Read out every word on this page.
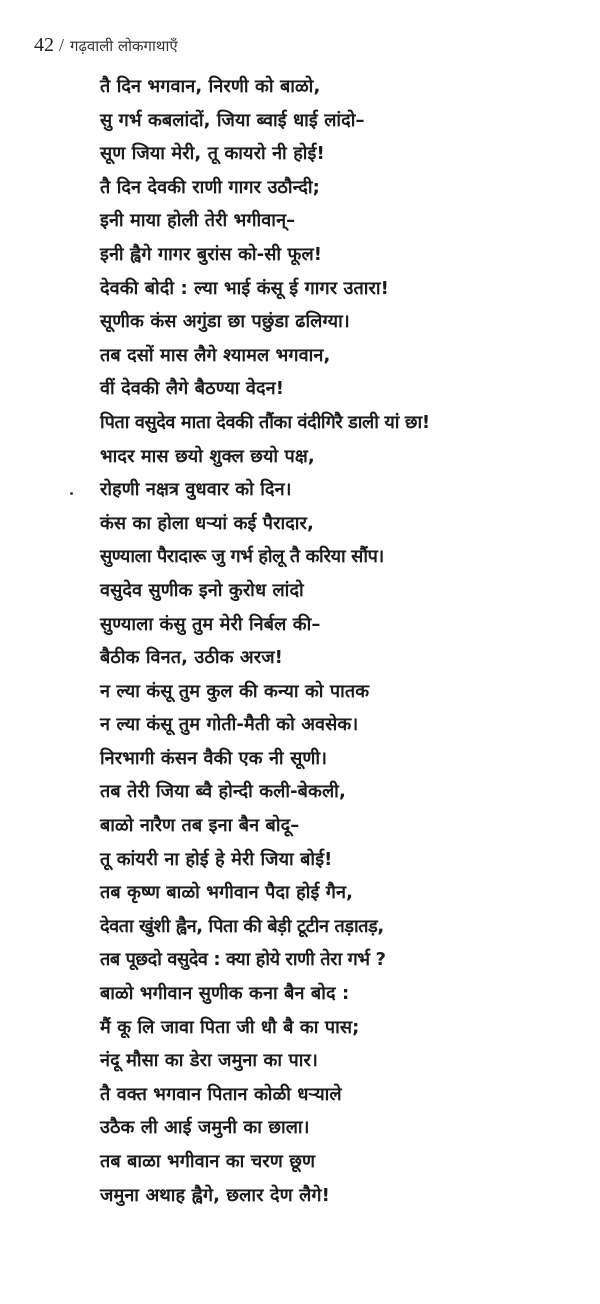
42 / गढ़वाली लोकगाथाएँ
तै दिन भगवान, निरणी को बाळो,
सु गर्भ कबलांदों, जिया ब्वाई धाई लांदो–
सूण जिया मेरी, तू कायरो नी होई!
तै दिन देवकी राणी गागर उठौन्दी;
इनी माया होली तेरी भगीवान्–
इनी ह्वैगे गागर बुरांस को-सी फूल!
देवकी बोदी : ल्या भाई कंसू ई गागर उतारा!
सूणीक कंस अगुंडा छा पछुंडा ढलिग्या।
तब दसों मास लैगे श्यामल भगवान,
वीं देवकी लैगे बैठण्या वेदन!
पिता वसुदेव माता देवकी तौंका वंदीगिरै डाली यां छा!
भादर मास छयो शुक्ल छयो पक्ष,
रोहणी नक्षत्र वुधवार को दिन।
कंस का होला धर्‍यां कई पैरादार,
सुण्याला पैरादारू जु गर्भ होलू तै करिया सौंप।
वसुदेव सुणीक इनो कुरोध लांदो
सुण्याला कंसु तुम मेरी निर्बल की–
बैठीक विनत, उठीक अरज!
न ल्या कंसू तुम कुल की कन्या को पातक
न ल्या कंसू तुम गोती-मैती को अवसेक।
निरभागी कंसन वैकी एक नी सूणी।
तब तेरी जिया ब्वै होन्दी कली-बेकली,
बाळो नारैण तब इना बैन बोदू–
तू कांयरी ना होई हे मेरी जिया बोई!
तब कृष्ण बाळो भगीवान पैदा होई गैन,
देवता खुंशी ह्वैन, पिता की बेड़ी टूटीन तड़ातड़,
तब पूछदो वसुदेव : क्या होये राणी तेरा गर्भ ?
बाळो भगीवान सुणीक कना बैन बोद :
मैं कू लि जावा पिता जी धौ बै का पास;
नंदू मौसा का डेरा जमुना का पार।
तै वक्त भगवान पितान कोळी धर्‍याले
उठैक ली आई जमुनी का छाला।
तब बाळा भगीवान का चरण छूण
जमुना अथाह ह्वैगे, छलार देण लैगे!
